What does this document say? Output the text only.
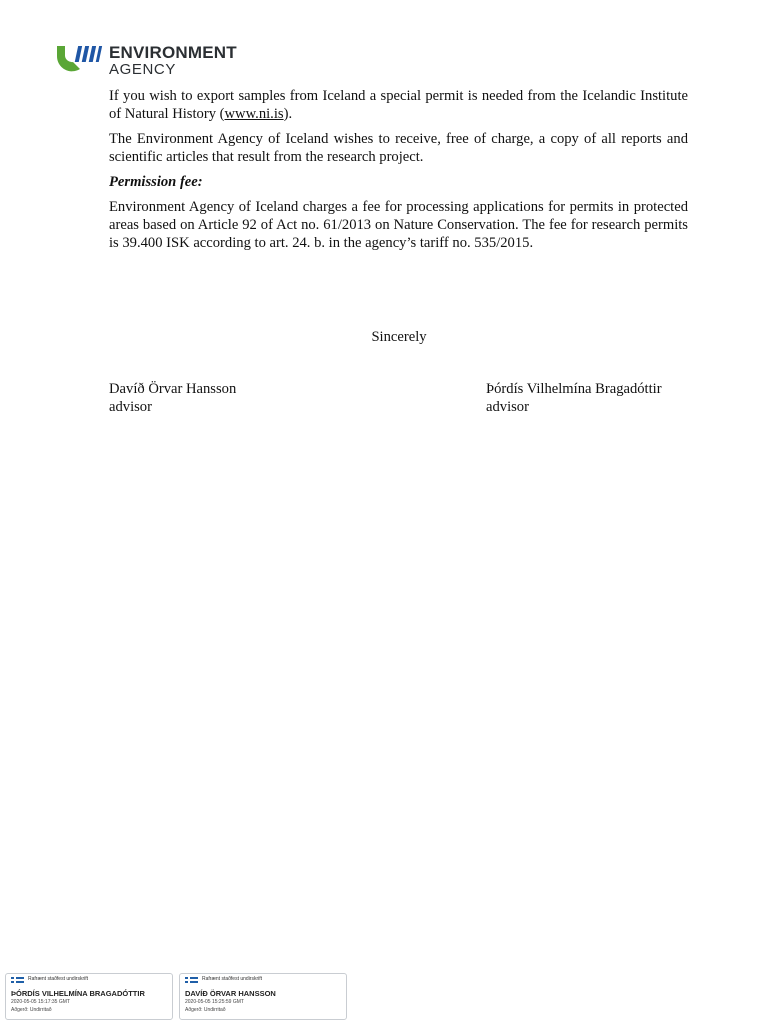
ENVIRONMENT
AGENCY

If you wish to export samples from Iceland a special permit is needed from the Icelandic Institute of Natural History (www.ni.is).

The Environment Agency of Iceland wishes to receive, free of charge, a copy of all reports and scientific articles that result from the research project.

Permission fee:

Environment Agency of Iceland charges a fee for processing applications for permits in protected areas based on Article 92 of Act no. 61/2013 on Nature Conservation. The fee for research permits is 39.400 ISK according to art. 24. b. in the agency’s tariff no. 535/2015.

Sincerely
Davíð Örvar Hansson
advisor
Þórdís Vilhelmína Bragadóttir
advisor
Rafrænt staðfest undirskrift
ÞÓRDÍS VILHELMÍNA BRAGADÓTTIR
2020-05-05 15:17:35 GMT
Aðgerð: Undirritað
Rafrænt staðfest undirskrift
DAVÍÐ ÖRVAR HANSSON
2020-05-05 15:25:59 GMT
Aðgerð: Undirritað
